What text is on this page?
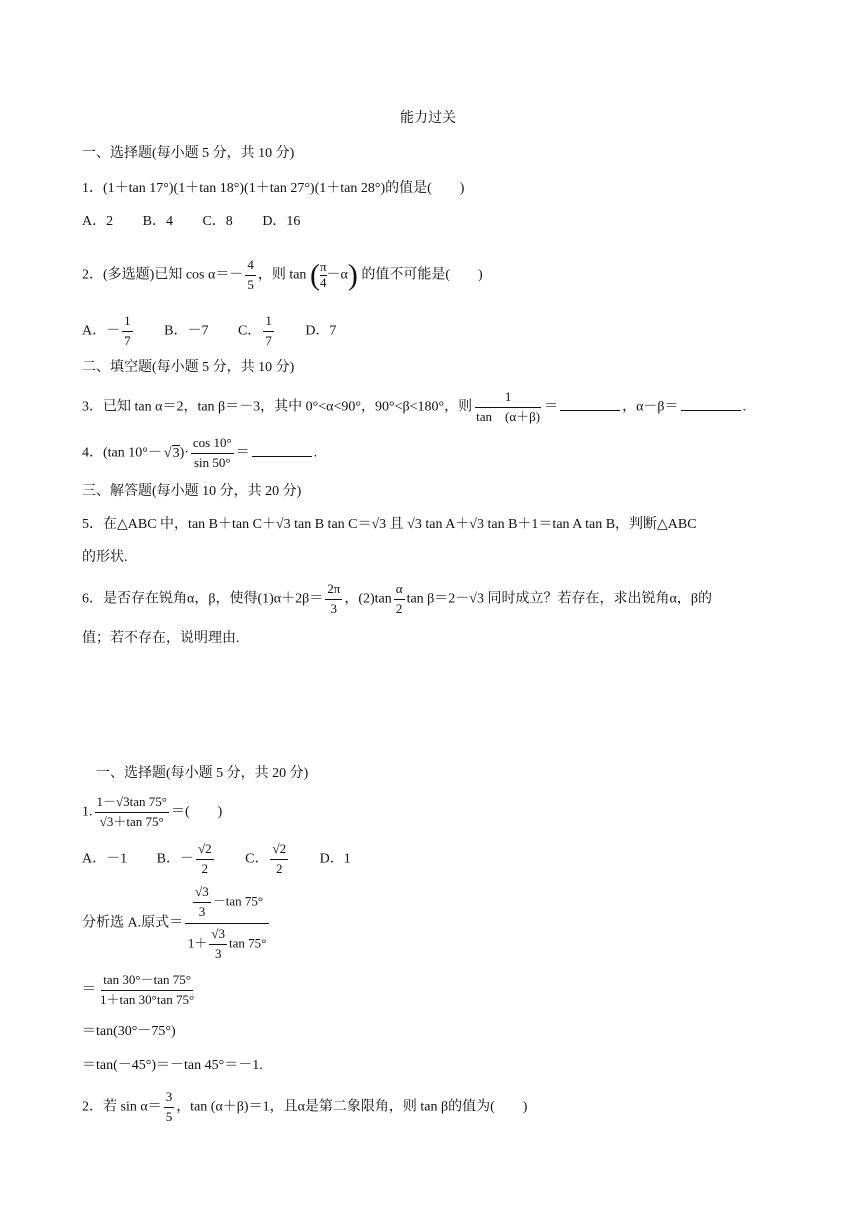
能力过关
一、选择题(每小题 5 分，共 10 分)
1．(1＋tan 17°)(1＋tan 18°)(1＋tan 27°)(1＋tan 28°)的值是(　　)
A．2 B．4 C．8 D．16
2．(多选题)已知 $\cos \alpha=- \frac{4}{5}$ ，则 tan ( $\frac{\pi}{4} -\alpha$) 的值不可能是(　　)
A．－ $\frac{1}{7}$ B．－7 C． $\frac{1}{7}$ D．7
二、填空题(每小题 5 分，共 10 分)
3．已知 tan α＝2，tan β＝－3，其中 0°<α<90°，90°<β<180°，则 $\frac{1}{\tan (\alpha+\beta)}$ ＝	，α－β＝	.
4．(tan $10^\circ- √3)\cdot \frac{\cos 10^\circ}{\sin 50^\circ}$ ＝	.
三、解答题(每小题 10 分，共 20 分)
5．在△ABC 中，tan B＋tan C＋√3 tan B tan C＝√3 且 √3 tan A＋√3 tan B＋1＝tan A tan B，判断△ABC
的形状.
6．是否存在锐角α，β，使得$(1)\alpha+2\beta= \frac{2\pi}{3}$ ，$(2)\tan \frac{\alpha}{2}$ tan β＝2－√3 同时成立？若存在，求出锐角α，β的
值；若不存在，说明理由.
一、选择题(每小题 5 分，共 20 分)
1. $\frac{1-√3\tan 75^\circ}{√3+\tan 75^\circ}$ ＝(　　)
A．－1 B．－ $\frac{√2}{2}$ C． $\frac{√2}{2}$ D．1
分析选 A.原式＝ $\frac{\frac{√3}{3} -\tan 75^\circ}{1+ \frac{√3}{3} \tan 75^\circ}$
＝ $\frac{\tan 30^\circ-\tan 75^\circ}{1+\tan 30^\circ\tan 75^\circ}$
＝tan(30°－75°)
＝tan(－45°)＝－tan 45°＝－1.
2．若 $\sin \alpha= \frac{3}{5}$ ，tan (α＋β)＝1，且α是第二象限角，则 tan β的值为(　　)
